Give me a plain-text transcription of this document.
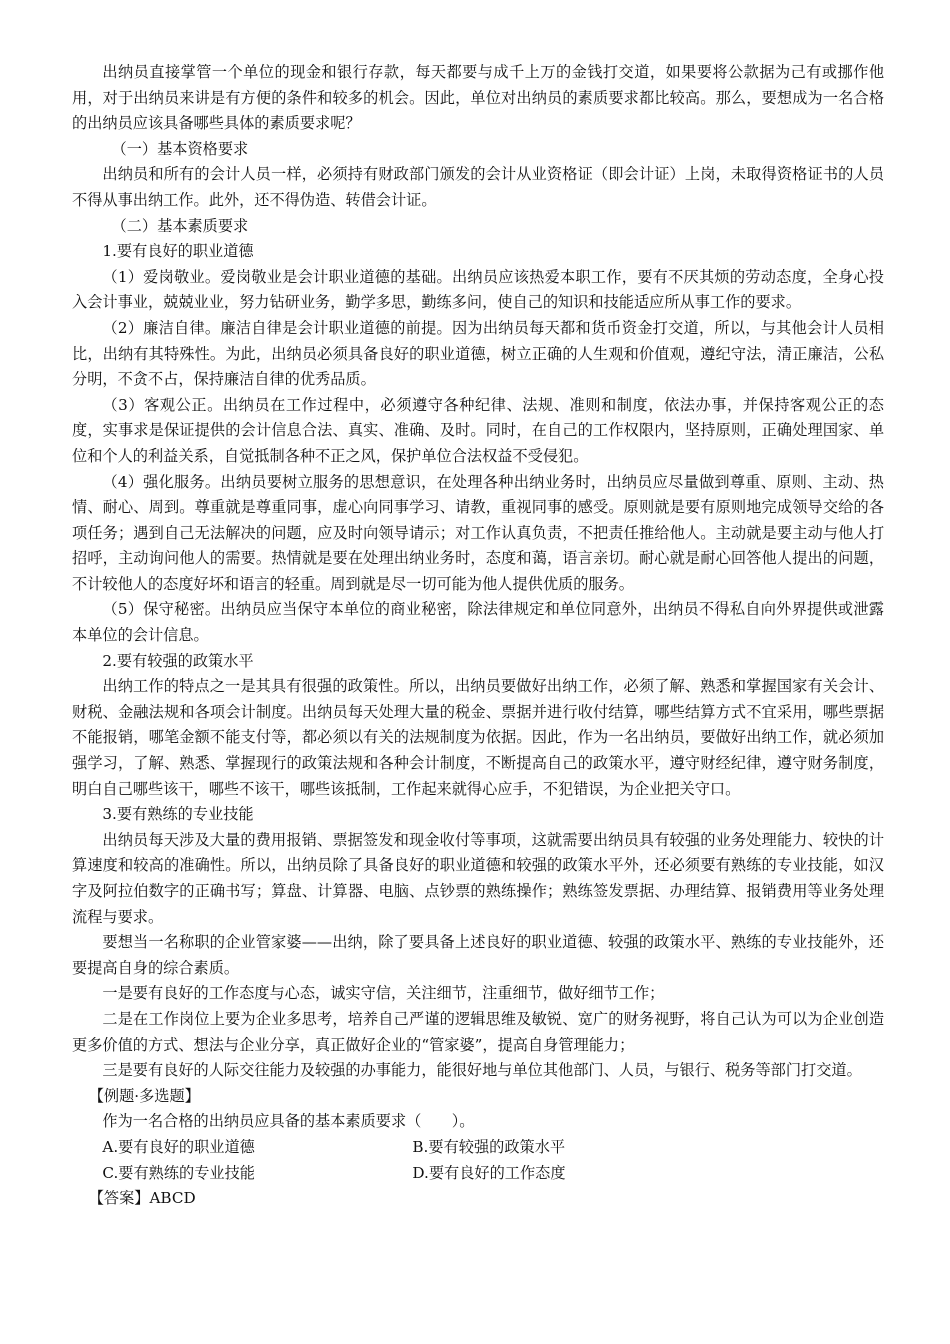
出纳员直接掌管一个单位的现金和银行存款，每天都要与成千上万的金钱打交道，如果要将公款据为己有或挪作他用，对于出纳员来讲是有方便的条件和较多的机会。因此，单位对出纳员的素质要求都比较高。那么，要想成为一名合格的出纳员应该具备哪些具体的素质要求呢？

（一）基本资格要求

出纳员和所有的会计人员一样，必须持有财政部门颁发的会计从业资格证（即会计证）上岗，未取得资格证书的人员不得从事出纳工作。此外，还不得伪造、转借会计证。

（二）基本素质要求

1.要有良好的职业道德

（1）爱岗敬业。爱岗敬业是会计职业道德的基础。出纳员应该热爱本职工作，要有不厌其烦的劳动态度，全身心投入会计事业，兢兢业业，努力钻研业务，勤学多思，勤练多问，使自己的知识和技能适应所从事工作的要求。

（2）廉洁自律。廉洁自律是会计职业道德的前提。因为出纳员每天都和货币资金打交道，所以，与其他会计人员相比，出纳有其特殊性。为此，出纳员必须具备良好的职业道德，树立正确的人生观和价值观，遵纪守法，清正廉洁，公私分明，不贪不占，保持廉洁自律的优秀品质。

（3）客观公正。出纳员在工作过程中，必须遵守各种纪律、法规、准则和制度，依法办事，并保持客观公正的态度，实事求是保证提供的会计信息合法、真实、准确、及时。同时，在自己的工作权限内，坚持原则，正确处理国家、单位和个人的利益关系，自觉抵制各种不正之风，保护单位合法权益不受侵犯。

（4）强化服务。出纳员要树立服务的思想意识，在处理各种出纳业务时，出纳员应尽量做到尊重、原则、主动、热情、耐心、周到。尊重就是尊重同事，虚心向同事学习、请教，重视同事的感受。原则就是要有原则地完成领导交给的各项任务；遇到自己无法解决的问题，应及时向领导请示；对工作认真负责，不把责任推给他人。主动就是要主动与他人打招呼，主动询问他人的需要。热情就是要在处理出纳业务时，态度和蔼，语言亲切。耐心就是耐心回答他人提出的问题，不计较他人的态度好坏和语言的轻重。周到就是尽一切可能为他人提供优质的服务。

（5）保守秘密。出纳员应当保守本单位的商业秘密，除法律规定和单位同意外，出纳员不得私自向外界提供或泄露本单位的会计信息。

2.要有较强的政策水平

出纳工作的特点之一是其具有很强的政策性。所以，出纳员要做好出纳工作，必须了解、熟悉和掌握国家有关会计、财税、金融法规和各项会计制度。出纳员每天处理大量的税金、票据并进行收付结算，哪些结算方式不宜采用，哪些票据不能报销，哪笔金额不能支付等，都必须以有关的法规制度为依据。因此，作为一名出纳员，要做好出纳工作，就必须加强学习，了解、熟悉、掌握现行的政策法规和各种会计制度，不断提高自己的政策水平，遵守财经纪律，遵守财务制度，明白自己哪些该干，哪些不该干，哪些该抵制，工作起来就得心应手，不犯错误，为企业把关守口。

3.要有熟练的专业技能

出纳员每天涉及大量的费用报销、票据签发和现金收付等事项，这就需要出纳员具有较强的业务处理能力、较快的计算速度和较高的准确性。所以，出纳员除了具备良好的职业道德和较强的政策水平外，还必须要有熟练的专业技能，如汉字及阿拉伯数字的正确书写；算盘、计算器、电脑、点钞票的熟练操作；熟练签发票据、办理结算、报销费用等业务处理流程与要求。

要想当一名称职的企业管家婆——出纳，除了要具备上述良好的职业道德、较强的政策水平、熟练的专业技能外，还要提高自身的综合素质。

一是要有良好的工作态度与心态，诚实守信，关注细节，注重细节，做好细节工作；

二是在工作岗位上要为企业多思考，培养自己严谨的逻辑思维及敏锐、宽广的财务视野，将自己认为可以为企业创造更多价值的方式、想法与企业分享，真正做好企业的“管家婆”，提高自身管理能力；

三是要有良好的人际交往能力及较强的办事能力，能很好地与单位其他部门、人员，与银行、税务等部门打交道。

【例题·多选题】

作为一名合格的出纳员应具备的基本素质要求（　　）。

A.要有良好的职业道德	B.要有较强的政策水平
C.要有熟练的专业技能	D.要有良好的工作态度

【答案】ABCD
